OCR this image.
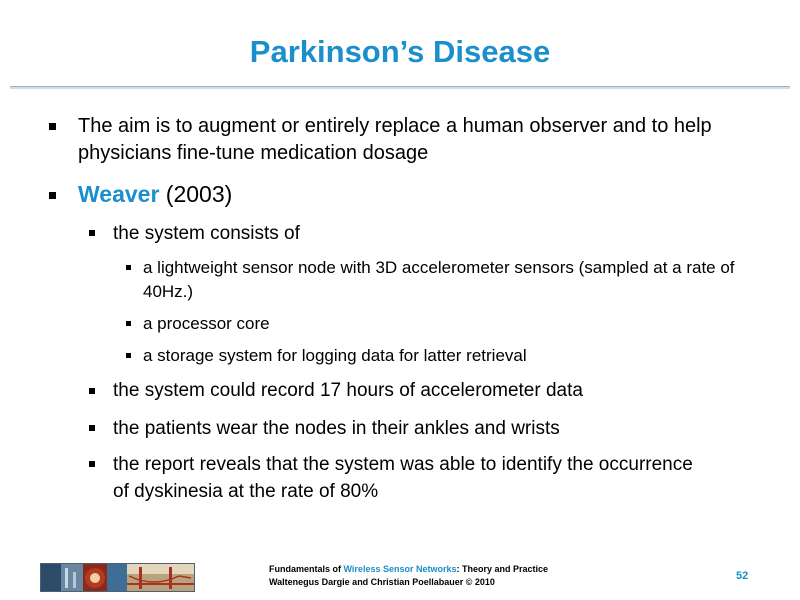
Parkinson’s Disease
The aim is to augment or entirely replace a human observer and to help physicians fine-tune medication dosage
Weaver (2003)
the system consists of
a lightweight sensor node with 3D accelerometer sensors (sampled at a rate of 40Hz.)
a processor core
a storage system for logging data for latter retrieval
the system could record 17 hours of accelerometer data
the patients wear the nodes in their ankles and wrists
the report reveals that the system was able to identify the occurrence of dyskinesia at the rate of 80%
Fundamentals of Wireless Sensor Networks: Theory and Practice
Waltenegus Dargie and Christian Poellabauer © 2010	52
